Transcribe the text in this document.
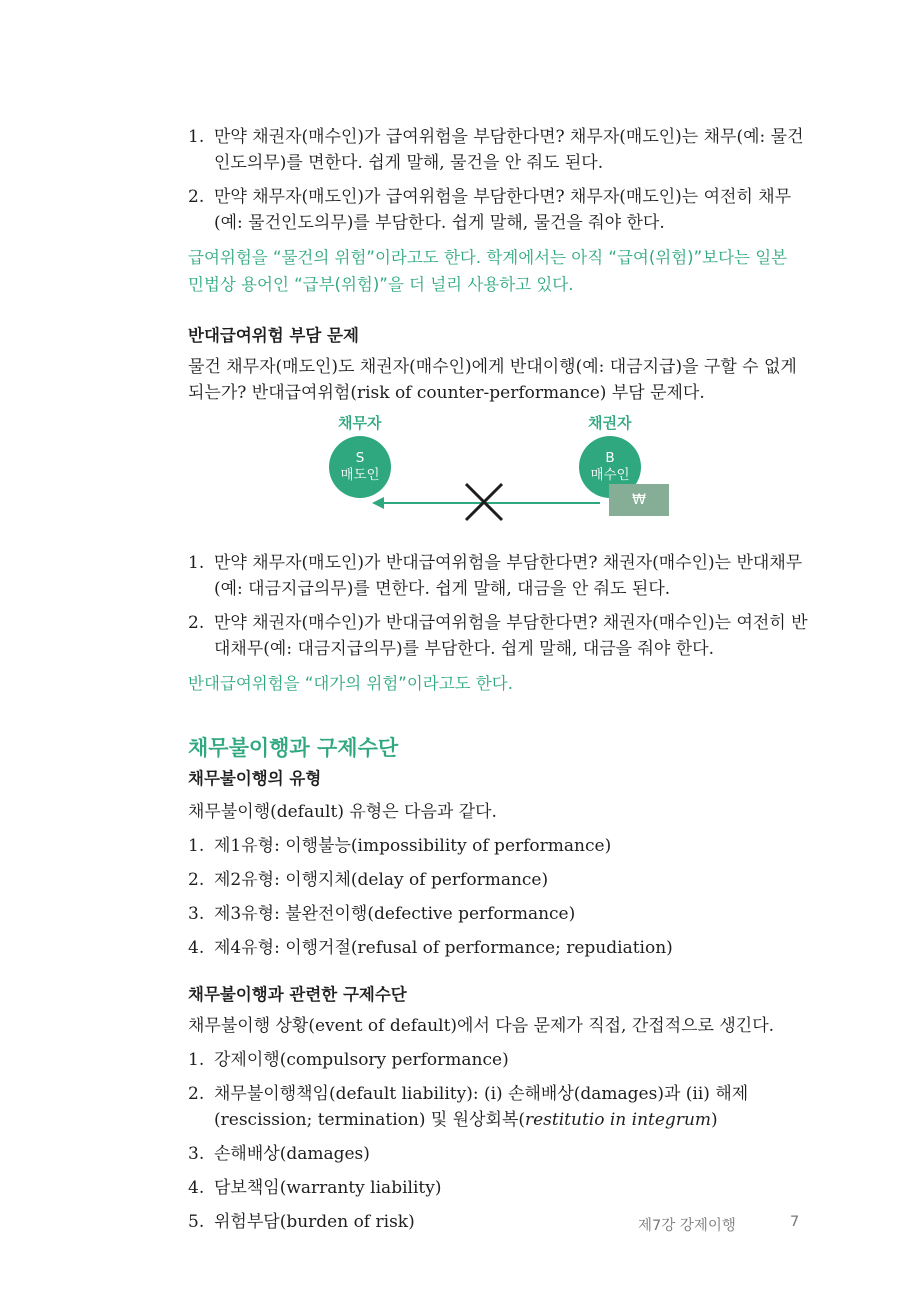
1. 만약 채권자(매수인)가 급여위험을 부담한다면? 채무자(매도인)는 채무(예: 물건인도의무)를 면한다. 쉽게 말해, 물건을 안 줘도 된다.
2. 만약 채무자(매도인)가 급여위험을 부담한다면? 채무자(매도인)는 여전히 채무(예: 물건인도의무)를 부담한다. 쉽게 말해, 물건을 줘야 한다.

급여위험을 “물건의 위험”이라고도 한다. 학계에서는 아직 “급여(위험)”보다는 일본 민법상 용어인 “급부(위험)”을 더 널리 사용하고 있다.

반대급여위험 부담 문제

물건 채무자(매도인)도 채권자(매수인)에게 반대이행(예: 대금지급)을 구할 수 없게 되는가? 반대급여위험(risk of counter-performance) 부담 문제다.

채무자
S
매도인
채권자
B
매수인
₩
1. 만약 채무자(매도인)가 반대급여위험을 부담한다면? 채권자(매수인)는 반대채무(예: 대금지급의무)를 면한다. 쉽게 말해, 대금을 안 줘도 된다.
2. 만약 채권자(매수인)가 반대급여위험을 부담한다면? 채권자(매수인)는 여전히 반대채무(예: 대금지급의무)를 부담한다. 쉽게 말해, 대금을 줘야 한다.

반대급여위험을 “대가의 위험”이라고도 한다.

채무불이행과 구제수단
채무불이행의 유형

채무불이행(default) 유형은 다음과 같다.

1. 제1유형: 이행불능(impossibility of performance)
2. 제2유형: 이행지체(delay of performance)
3. 제3유형: 불완전이행(defective performance)
4. 제4유형: 이행거절(refusal of performance; repudiation)
채무불이행과 관련한 구제수단

채무불이행 상황(event of default)에서 다음 문제가 직접, 간접적으로 생긴다.

1. 강제이행(compulsory performance)
2. 채무불이행책임(default liability): (i) 손해배상(damages)과 (ii) 해제(rescission; termination) 및 원상회복(restitutio in integrum)
3. 손해배상(damages)
4. 담보책임(warranty liability)
5. 위험부담(burden of risk)	제7강 강제이행	7
